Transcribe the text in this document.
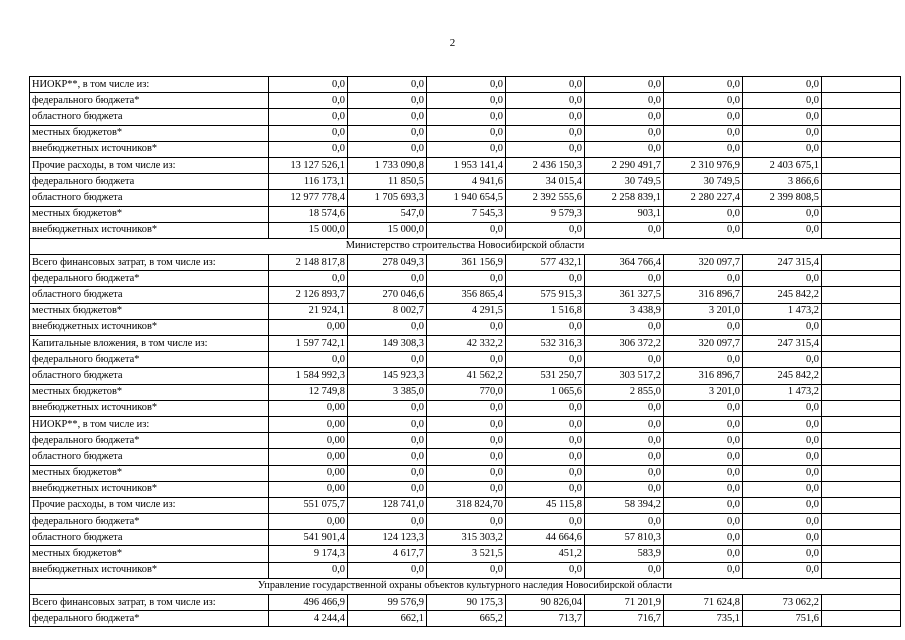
2
НИОКР**, в том числе из:	0,0	0,0	0,0	0,0	0,0	0,0	0,0	
федерального бюджета*	0,0	0,0	0,0	0,0	0,0	0,0	0,0	
областного бюджета	0,0	0,0	0,0	0,0	0,0	0,0	0,0	
местных бюджетов*	0,0	0,0	0,0	0,0	0,0	0,0	0,0	
внебюджетных источников*	0,0	0,0	0,0	0,0	0,0	0,0	0,0	
Прочие расходы, в том числе из:	13 127 526,1	1 733 090,8	1 953 141,4	2 436 150,3	2 290 491,7	2 310 976,9	2 403 675,1	
федерального бюджета	116 173,1	11 850,5	4 941,6	34 015,4	30 749,5	30 749,5	3 866,6	
областного бюджета	12 977 778,4	1 705 693,3	1 940 654,5	2 392 555,6	2 258 839,1	2 280 227,4	2 399 808,5	
местных бюджетов*	18 574,6	547,0	7 545,3	9 579,3	903,1	0,0	0,0	
внебюджетных источников*	15 000,0	15 000,0	0,0	0,0	0,0	0,0	0,0	
Министерство строительства Новосибирской области								
Всего финансовых затрат, в том числе из:	2 148 817,8	278 049,3	361 156,9	577 432,1	364 766,4	320 097,7	247 315,4	
федерального бюджета*	0,0	0,0	0,0	0,0	0,0	0,0	0,0	
областного бюджета	2 126 893,7	270 046,6	356 865,4	575 915,3	361 327,5	316 896,7	245 842,2	
местных бюджетов*	21 924,1	8 002,7	4 291,5	1 516,8	3 438,9	3 201,0	1 473,2	
внебюджетных источников*	0,00	0,0	0,0	0,0	0,0	0,0	0,0	
Капитальные вложения, в том числе из:	1 597 742,1	149 308,3	42 332,2	532 316,3	306 372,2	320 097,7	247 315,4	
федерального бюджета*	0,0	0,0	0,0	0,0	0,0	0,0	0,0	
областного бюджета	1 584 992,3	145 923,3	41 562,2	531 250,7	303 517,2	316 896,7	245 842,2	
местных бюджетов*	12 749,8	3 385,0	770,0	1 065,6	2 855,0	3 201,0	1 473,2	
внебюджетных источников*	0,00	0,0	0,0	0,0	0,0	0,0	0,0	
НИОКР**, в том числе из:	0,00	0,0	0,0	0,0	0,0	0,0	0,0	
федерального бюджета*	0,00	0,0	0,0	0,0	0,0	0,0	0,0	
областного бюджета	0,00	0,0	0,0	0,0	0,0	0,0	0,0	
местных бюджетов*	0,00	0,0	0,0	0,0	0,0	0,0	0,0	
внебюджетных источников*	0,00	0,0	0,0	0,0	0,0	0,0	0,0	
Прочие расходы, в том числе из:	551 075,7	128 741,0	318 824,70	45 115,8	58 394,2	0,0	0,0	
федерального бюджета*	0,00	0,0	0,0	0,0	0,0	0,0	0,0	
областного бюджета	541 901,4	124 123,3	315 303,2	44 664,6	57 810,3	0,0	0,0	
местных бюджетов*	9 174,3	4 617,7	3 521,5	451,2	583,9	0,0	0,0	
внебюджетных источников*	0,0	0,0	0,0	0,0	0,0	0,0	0,0	
Управление государственной охраны объектов культурного наследия Новосибирской области								
Всего финансовых затрат, в том числе из:	496 466,9	99 576,9	90 175,3	90 826,04	71 201,9	71 624,8	73 062,2	
федерального бюджета*	4 244,4	662,1	665,2	713,7	716,7	735,1	751,6	
